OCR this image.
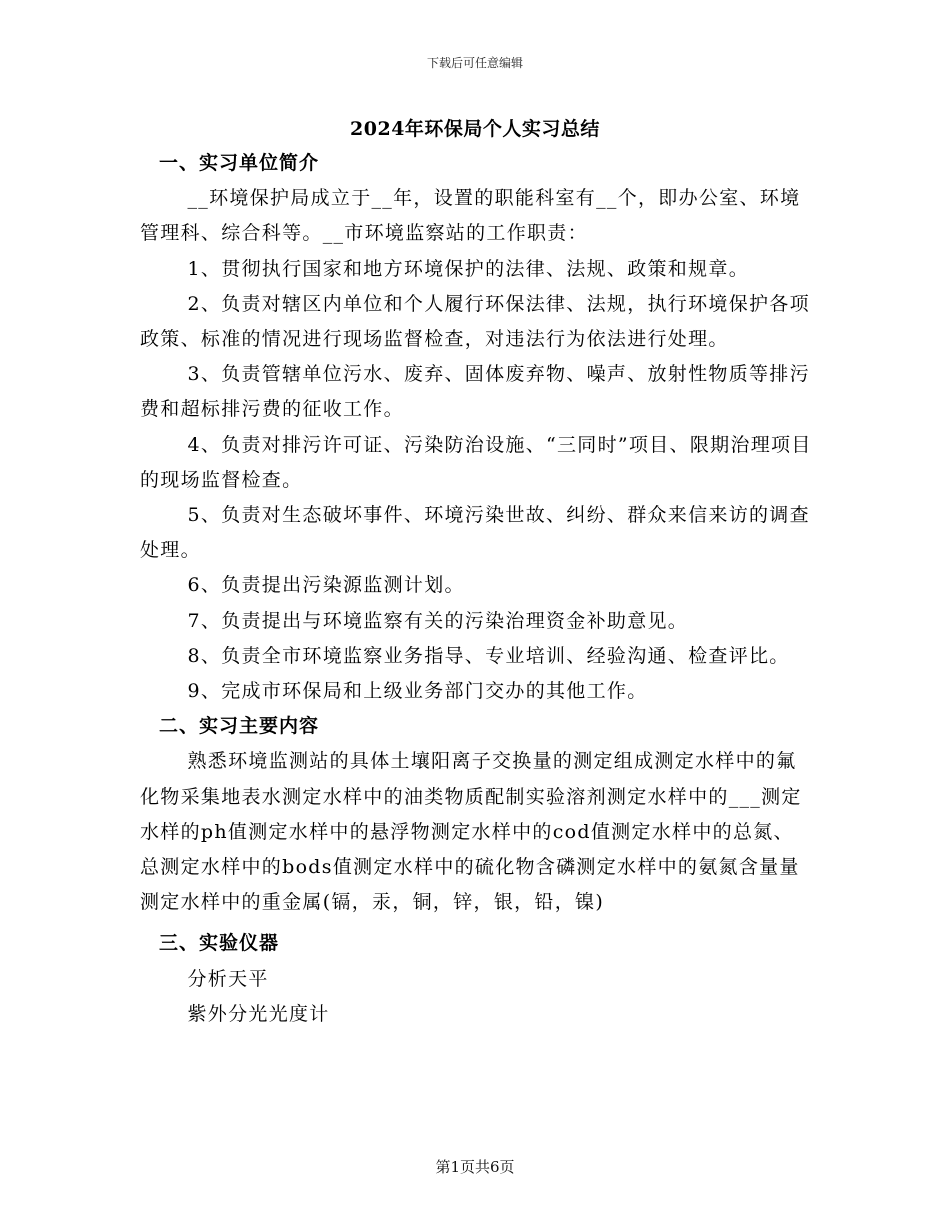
下载后可任意编辑
2024年环保局个人实习总结

一、实习单位简介

__环境保护局成立于__年，设置的职能科室有__个，即办公室、环境管理科、综合科等。__市环境监察站的工作职责：

1、贯彻执行国家和地方环境保护的法律、法规、政策和规章。

2、负责对辖区内单位和个人履行环保法律、法规，执行环境保护各项政策、标准的情况进行现场监督检查，对违法行为依法进行处理。

3、负责管辖单位污水、废弃、固体废弃物、噪声、放射性物质等排污费和超标排污费的征收工作。

4、负责对排污许可证、污染防治设施、“三同时”项目、限期治理项目的现场监督检查。

5、负责对生态破坏事件、环境污染世故、纠纷、群众来信来访的调查处理。

6、负责提出污染源监测计划。

7、负责提出与环境监察有关的污染治理资金补助意见。

8、负责全市环境监察业务指导、专业培训、经验沟通、检查评比。

9、完成市环保局和上级业务部门交办的其他工作。

二、实习主要内容

熟悉环境监测站的具体土壤阳离子交换量的测定组成测定水样中的氟化物采集地表水测定水样中的油类物质配制实验溶剂测定水样中的___测定水样的ph值测定水样中的悬浮物测定水样中的cod值测定水样中的总氮、总测定水样中的bods值测定水样中的硫化物含磷测定水样中的氨氮含量量测定水样中的重金属(镉，汞，铜，锌，银，铅，镍)

三、实验仪器

分析天平

紫外分光光度计

第1页共6页
